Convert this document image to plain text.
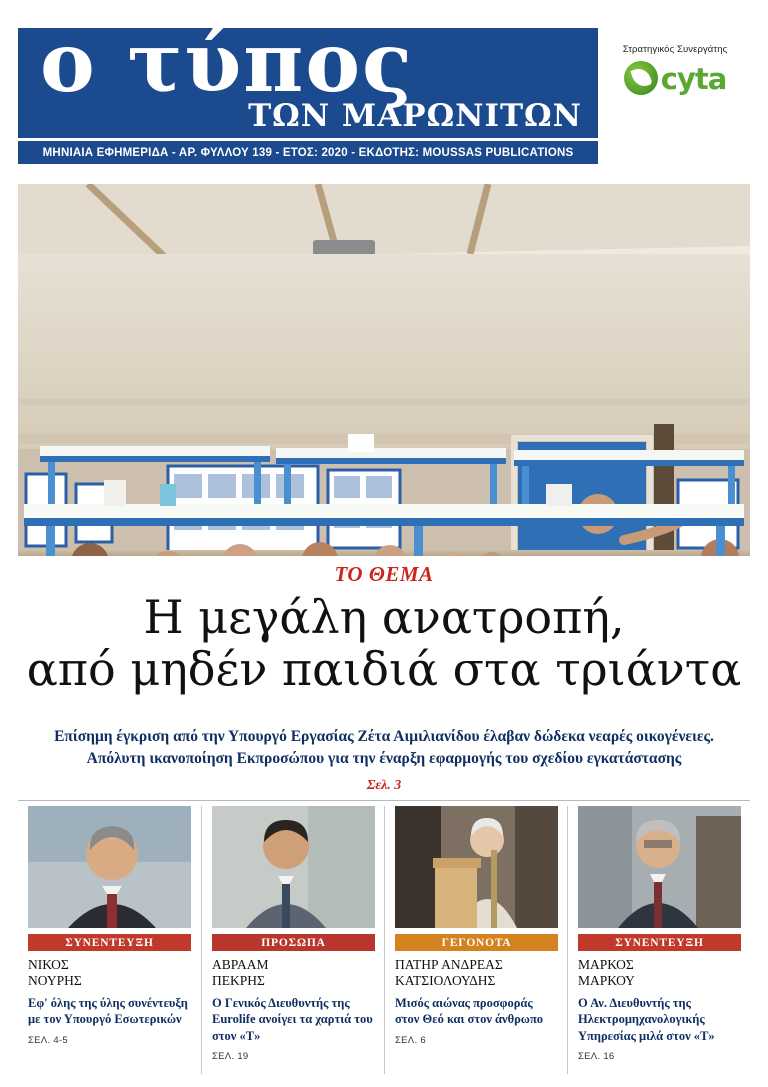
ο τύπος
ΤΩΝ ΜΑΡΩΝΙΤΩΝ
ΜΗΝΙΑΙΑ ΕΦΗΜΕΡΙΔΑ - ΑΡ. ΦΥΛΛΟΥ 139 - ΕΤΟΣ: 2020 - ΕΚΔΟΤΗΣ: MOUSSAS PUBLICATIONS
Στρατηγικός Συνεργάτης
cyta
ΤΟ ΘΕΜΑ
Η μεγάλη ανατροπή,
από μηδέν παιδιά στα τριάντα
Επίσημη έγκριση από την Υπουργό Εργασίας Ζέτα Αιμιλιανίδου έλαβαν δώδεκα νεαρές οικογένειες.
Απόλυτη ικανοποίηση Εκπροσώπου για την έναρξη εφαρμογής του σχεδίου εγκατάστασης
Σελ. 3
ΣΥΝΕΝΤΕΥΞΗ
ΝΙΚΟΣ
ΝΟΥΡΗΣ
Εφ' όλης της ύλης συνέντευξη με τον Υπουργό Εσωτερικών
ΣΕΛ. 4-5
ΠΡΟΣΩΠΑ
ΑΒΡΑΑΜ
ΠΕΚΡΗΣ
Ο Γενικός Διευθυντής της Eurolife ανοίγει τα χαρτιά του στον «Τ»
ΣΕΛ. 19
ΓΕΓΟΝΟΤΑ
ΠΑΤΗΡ ΑΝΔΡΕΑΣ
ΚΑΤΣΙΟΛΟΥΔΗΣ
Μισός αιώνας προσφοράς στον Θεό και στον άνθρωπο
ΣΕΛ. 6
ΣΥΝΕΝΤΕΥΞΗ
ΜΑΡΚΟΣ
ΜΑΡΚΟΥ
Ο Αν. Διευθυντής της Ηλεκτρομηχανολογικής Υπηρεσίας μιλά στον «Τ»
ΣΕΛ. 16
